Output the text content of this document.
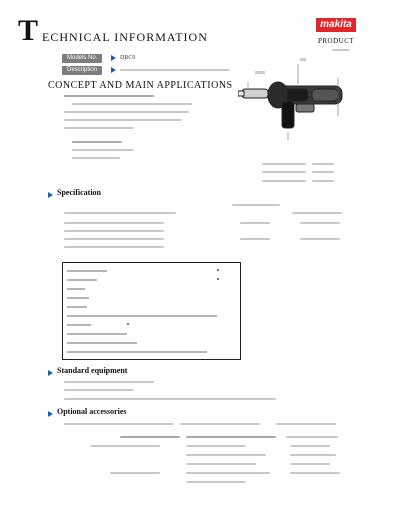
T ECHNICAL INFORMATION
makita
PRODUCT
Models No.	DRC0
Description
CONCEPT AND MAIN APPLICATIONS
Specification
Standard equipment
Optional accessories
